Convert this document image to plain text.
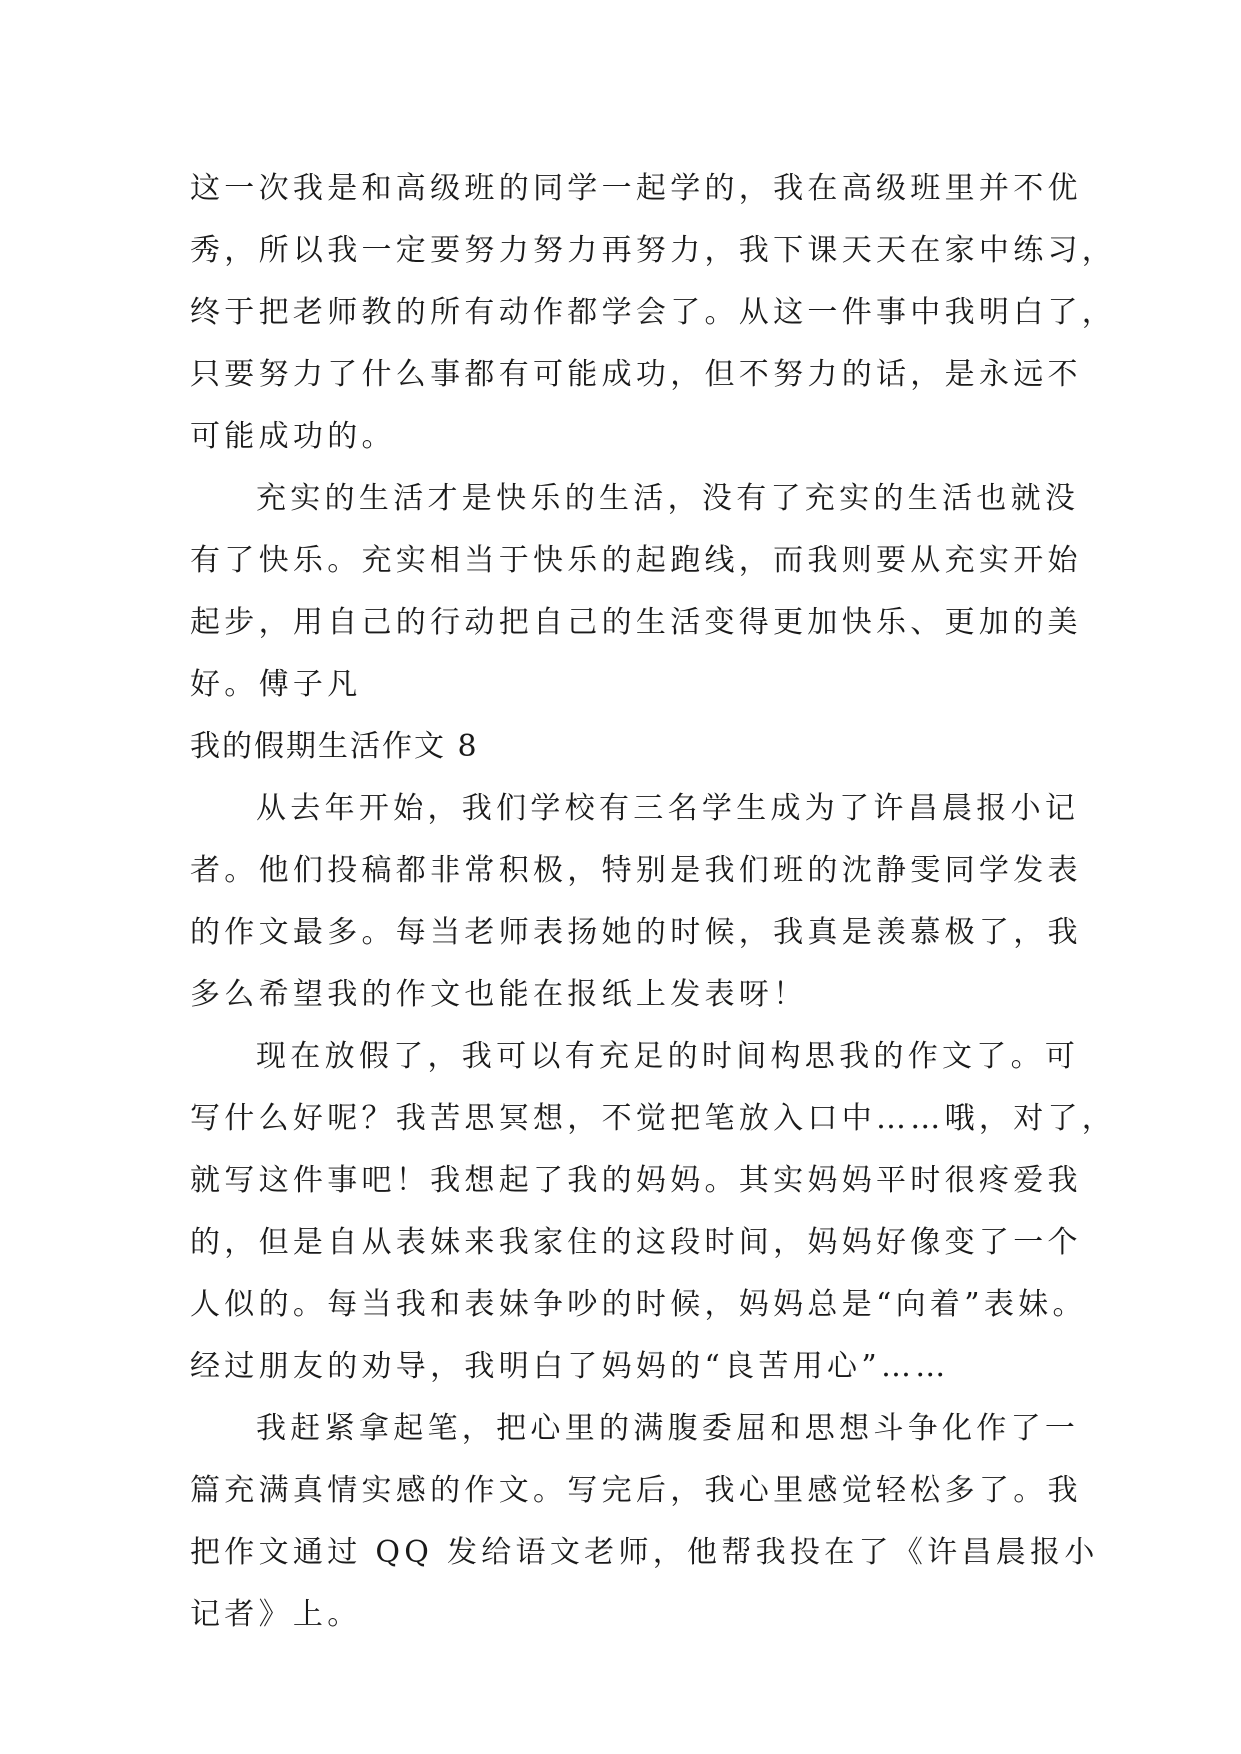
这一次我是和高级班的同学一起学的，我在高级班里并不优
秀，所以我一定要努力努力再努力，我下课天天在家中练习，
终于把老师教的所有动作都学会了。从这一件事中我明白了，
只要努力了什么事都有可能成功，但不努力的话，是永远不
可能成功的。
充实的生活才是快乐的生活，没有了充实的生活也就没
有了快乐。充实相当于快乐的起跑线，而我则要从充实开始
起步，用自己的行动把自己的生活变得更加快乐、更加的美
好。傅子凡
我的假期生活作文 8
从去年开始，我们学校有三名学生成为了许昌晨报小记
者。他们投稿都非常积极，特别是我们班的沈静雯同学发表
的作文最多。每当老师表扬她的时候，我真是羡慕极了，我
多么希望我的作文也能在报纸上发表呀！
现在放假了，我可以有充足的时间构思我的作文了。可
写什么好呢？我苦思冥想，不觉把笔放入口中……哦，对了，
就写这件事吧！我想起了我的妈妈。其实妈妈平时很疼爱我
的，但是自从表妹来我家住的这段时间，妈妈好像变了一个
人似的。每当我和表妹争吵的时候，妈妈总是“向着”表妹。
经过朋友的劝导，我明白了妈妈的“良苦用心”……
我赶紧拿起笔，把心里的满腹委屈和思想斗争化作了一
篇充满真情实感的作文。写完后，我心里感觉轻松多了。我
把作文通过 QQ 发给语文老师，他帮我投在了《许昌晨报小
记者》上。
